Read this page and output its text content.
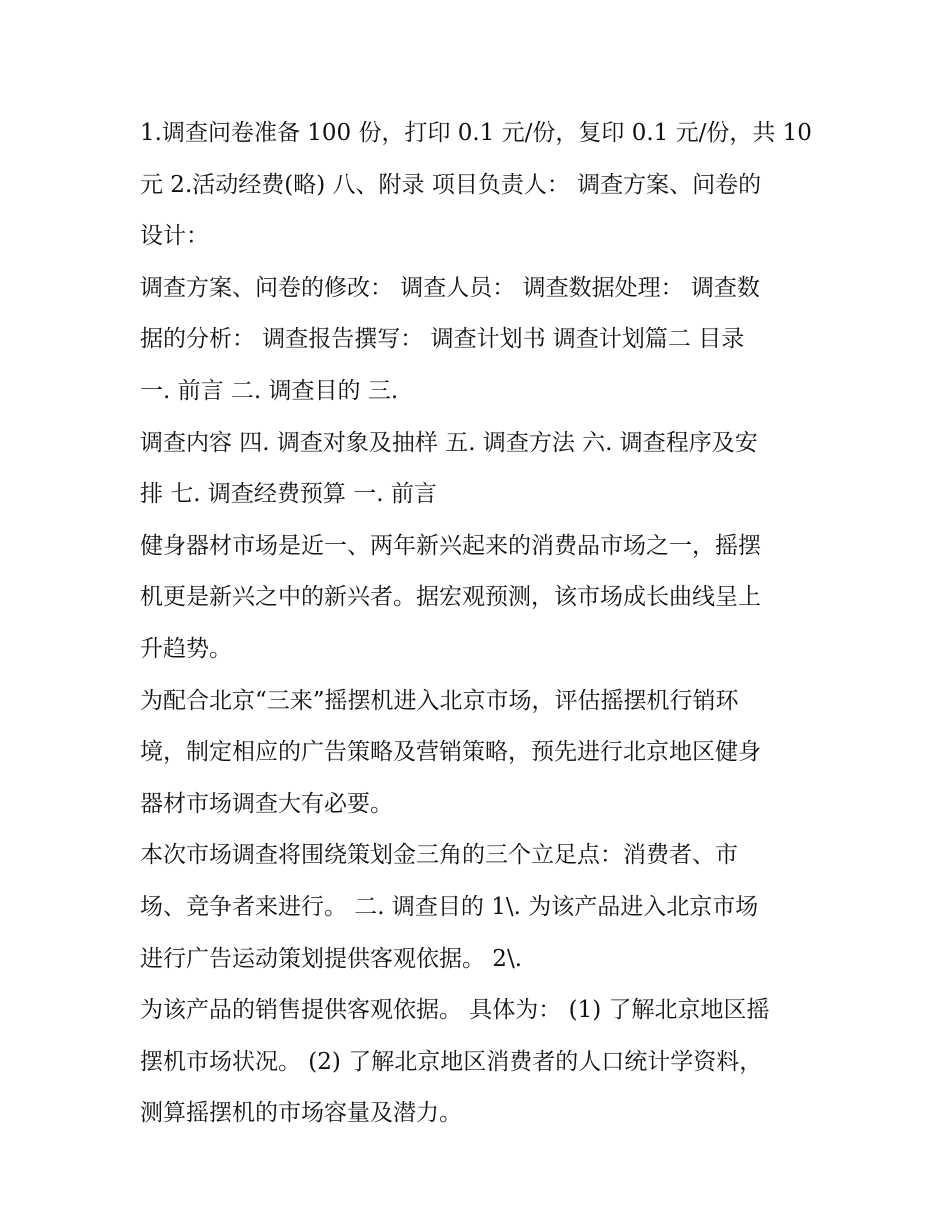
1.调查问卷准备 100 份，打印 0.1 元/份，复印 0.1 元/份，共 10
元 2.活动经费(略) 八、附录 项目负责人： 调查方案、问卷的
设计：
调查方案、问卷的修改： 调查人员： 调查数据处理： 调查数
据的分析： 调查报告撰写： 调查计划书 调查计划篇二 目录
一. 前言 二. 调查目的 三.
调查内容 四. 调查对象及抽样 五. 调查方法 六. 调查程序及安
排 七. 调查经费预算 一. 前言
健身器材市场是近一、两年新兴起来的消费品市场之一，摇摆
机更是新兴之中的新兴者。据宏观预测，该市场成长曲线呈上
升趋势。
为配合北京“三来”摇摆机进入北京市场，评估摇摆机行销环
境，制定相应的广告策略及营销策略，预先进行北京地区健身
器材市场调查大有必要。
本次市场调查将围绕策划金三角的三个立足点：消费者、市
场、竞争者来进行。 二. 调查目的 1\. 为该产品进入北京市场
进行广告运动策划提供客观依据。 2\.
为该产品的销售提供客观依据。 具体为： (1) 了解北京地区摇
摆机市场状况。 (2) 了解北京地区消费者的人口统计学资料，
测算摇摆机的市场容量及潜力。
